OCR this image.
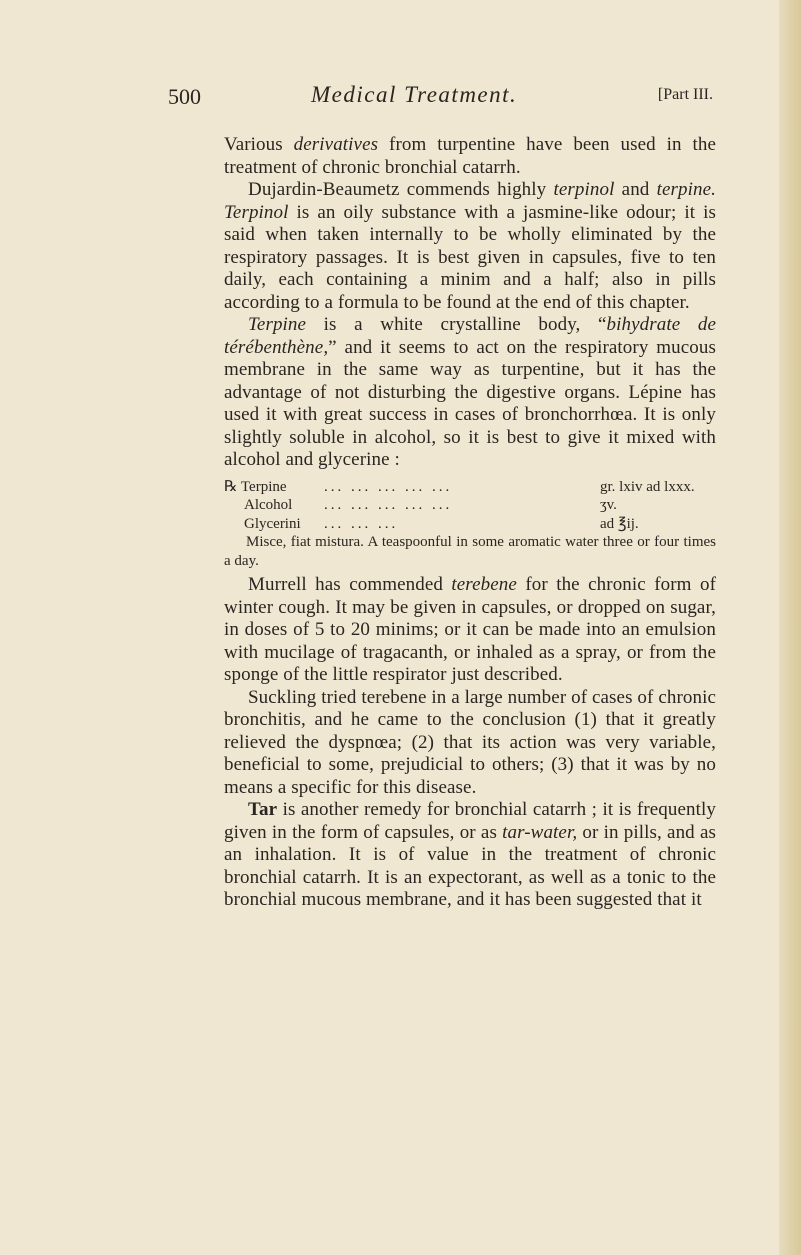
500	Medical Treatment.	[Part III.

Various derivatives from turpentine have been used in the treatment of chronic bronchial catarrh.

Dujardin-Beaumetz commends highly terpinol and terpine. Terpinol is an oily substance with a jasmine-like odour; it is said when taken internally to be wholly eliminated by the respiratory passages. It is best given in capsules, five to ten daily, each containing a minim and a half; also in pills according to a formula to be found at the end of this chapter.

Terpine is a white crystalline body, “bihydrate de térébenthène,” and it seems to act on the respiratory mucous membrane in the same way as turpentine, but it has the advantage of not disturbing the digestive organs. Lépine has used it with great success in cases of bronchorrhœa. It is only slightly soluble in alcohol, so it is best to give it mixed with alcohol and glycerine :

℞ Terpine	... ... ... ... ...	gr. lxiv ad lxxx.
Alcohol	... ... ... ... ...	ʒv.
Glycerini	... ... ...	ad ℥ij.
Misce, fiat mistura. A teaspoonful in some aromatic water three or four times a day.

Murrell has commended terebene for the chronic form of winter cough. It may be given in capsules, or dropped on sugar, in doses of 5 to 20 minims; or it can be made into an emulsion with mucilage of tragacanth, or inhaled as a spray, or from the sponge of the little respirator just described.

Suckling tried terebene in a large number of cases of chronic bronchitis, and he came to the conclusion (1) that it greatly relieved the dyspnœa; (2) that its action was very variable, beneficial to some, prejudicial to others; (3) that it was by no means a specific for this disease.

Tar is another remedy for bronchial catarrh ; it is frequently given in the form of capsules, or as tar-water, or in pills, and as an inhalation. It is of value in the treatment of chronic bronchial catarrh. It is an expectorant, as well as a tonic to the bronchial mucous membrane, and it has been suggested that it
